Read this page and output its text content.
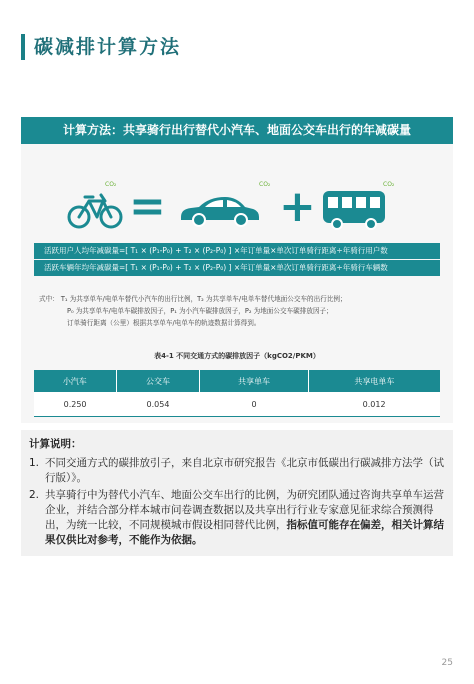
碳减排计算方法
计算方法：共享骑行出行替代小汽车、地面公交车出行的年减碳量
CO₂ =	CO₂ +	CO₂
活跃用户人均年减碳量=[ T₁ × (P₁-P₀) + T₂ × (P₂-P₀) ] ×年订单量×单次订单骑行距离÷年骑行用户数
活跃车辆年均年减碳量=[ T₁ × (P₁-P₀) + T₂ × (P₂-P₀) ] ×年订单量×单次订单骑行距离÷年骑行车辆数
式中： T₁ 为共享单车/电单车替代小汽车的出行比例，T₂ 为共享单车/电单车替代地面公交车的出行比例；
P₀ 为共享单车/电单车碳排放因子，P₁ 为小汽车碳排放因子，P₂ 为地面公交车碳排放因子；
订单骑行距离（公里）根据共享单车/电单车的轨迹数据计算得到。
表4-1 不同交通方式的碳排放因子（kgCO2/PKM）
小汽车	公交车	共享单车	共享电单车
0.250	0.054	0	0.012
计算说明：
1. 不同交通方式的碳排放引子，来自北京市研究报告《北京市低碳出行碳减排方法学（试行版）》。
2. 共享骑行中为替代小汽车、地面公交车出行的比例，为研究团队通过咨询共享单车运营企业，并结合部分样本城市问卷调查数据以及共享出行行业专家意见征求综合预测得出，为统一比较，不同规模城市假设相同替代比例，指标值可能存在偏差，相关计算结果仅供比对参考，不能作为依据。
25
